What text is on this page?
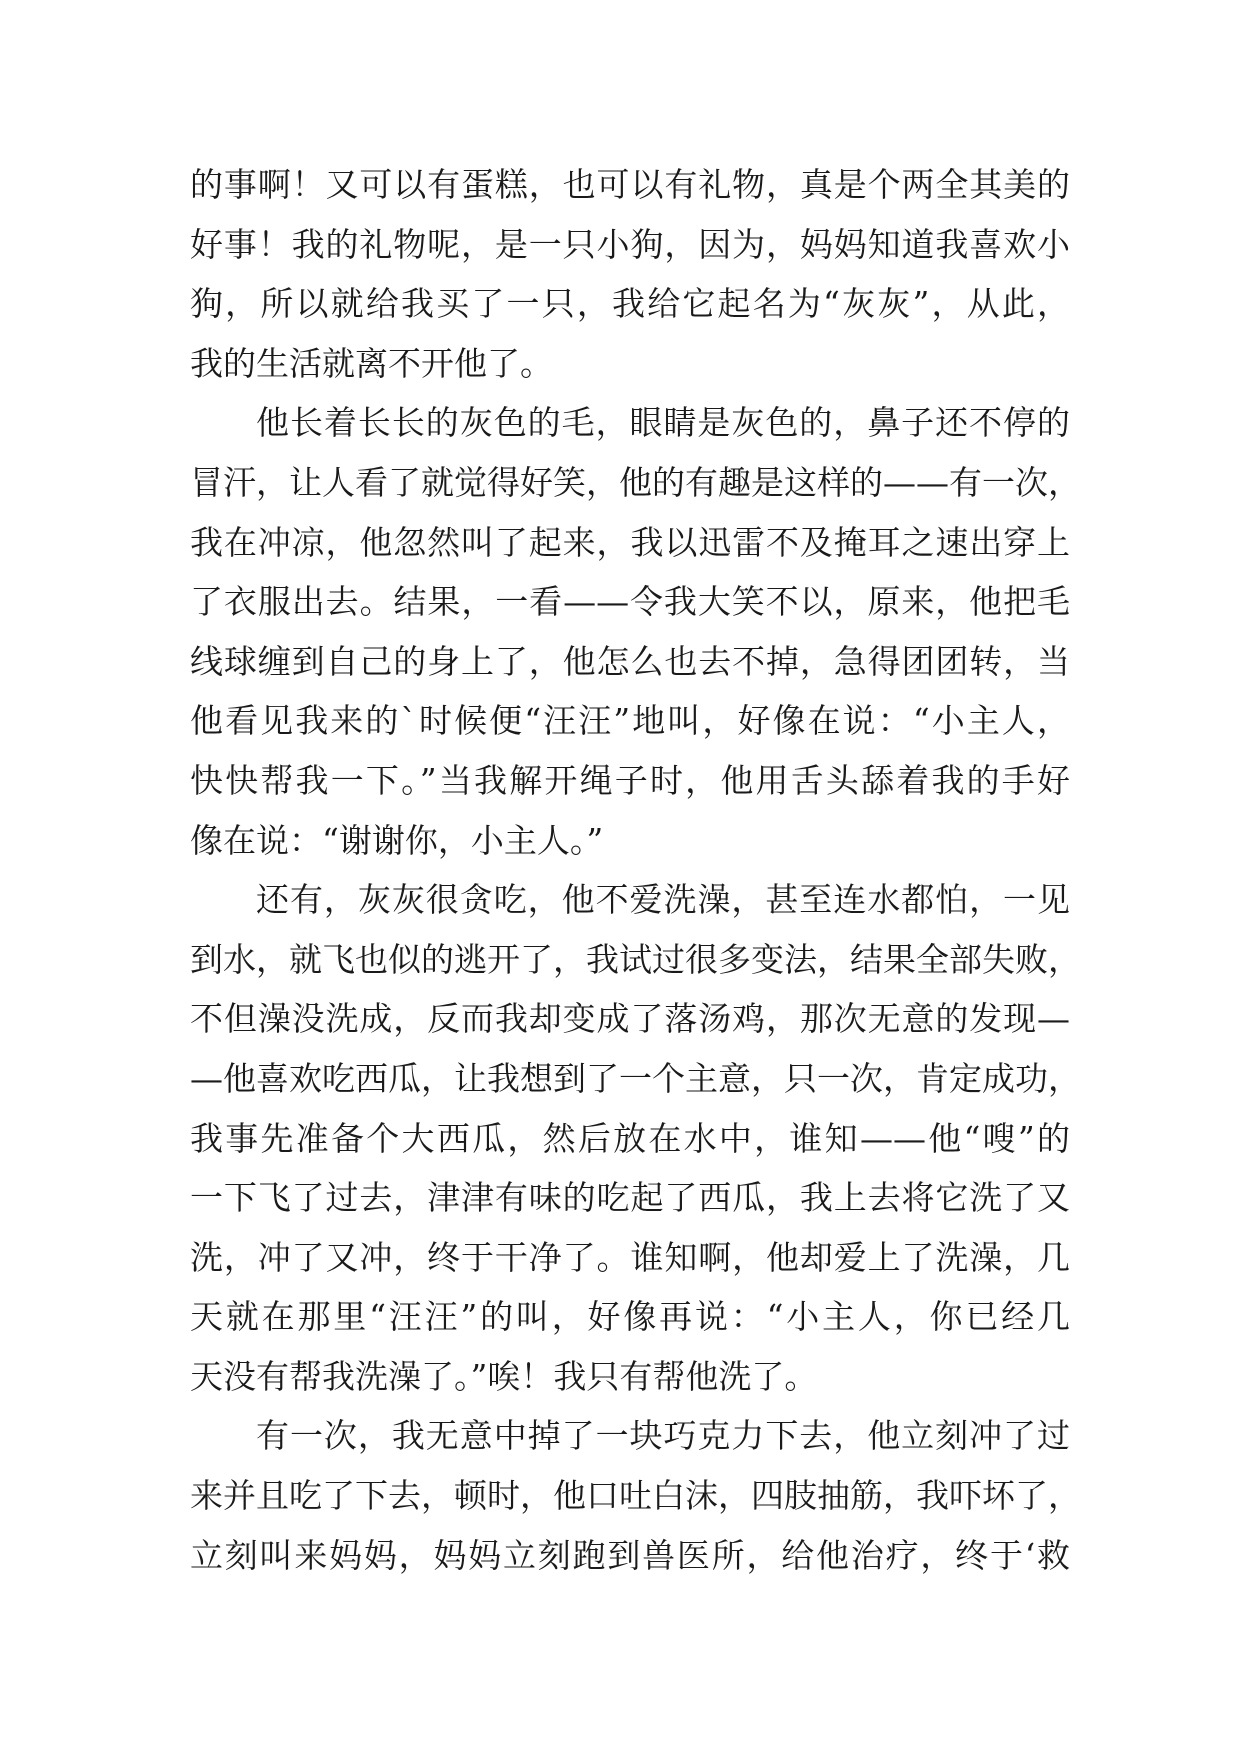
的事啊！又可以有蛋糕，也可以有礼物，真是个两全其美的
好事！我的礼物呢，是一只小狗，因为，妈妈知道我喜欢小
狗，所以就给我买了一只，我给它起名为“灰灰”，从此，
我的生活就离不开他了。
他长着长长的灰色的毛，眼睛是灰色的，鼻子还不停的
冒汗，让人看了就觉得好笑，他的有趣是这样的——有一次，
我在冲凉，他忽然叫了起来，我以迅雷不及掩耳之速出穿上
了衣服出去。结果，一看——令我大笑不以，原来，他把毛
线球缠到自己的身上了，他怎么也去不掉，急得团团转，当
他看见我来的`时候便“汪汪”地叫，好像在说：“小主人，
快快帮我一下。”当我解开绳子时，他用舌头舔着我的手好
像在说：“谢谢你，小主人。”
还有，灰灰很贪吃，他不爱洗澡，甚至连水都怕，一见
到水，就飞也似的逃开了，我试过很多变法，结果全部失败，
不但澡没洗成，反而我却变成了落汤鸡，那次无意的发现—
—他喜欢吃西瓜，让我想到了一个主意，只一次，肯定成功，
我事先准备个大西瓜，然后放在水中，谁知——他“嗖”的
一下飞了过去，津津有味的吃起了西瓜，我上去将它洗了又
洗，冲了又冲，终于干净了。谁知啊，他却爱上了洗澡，几
天就在那里“汪汪”的叫，好像再说：“小主人，你已经几
天没有帮我洗澡了。”唉！我只有帮他洗了。
有一次，我无意中掉了一块巧克力下去，他立刻冲了过
来并且吃了下去，顿时，他口吐白沫，四肢抽筋，我吓坏了，
立刻叫来妈妈，妈妈立刻跑到兽医所，给他治疗，终于‘救
